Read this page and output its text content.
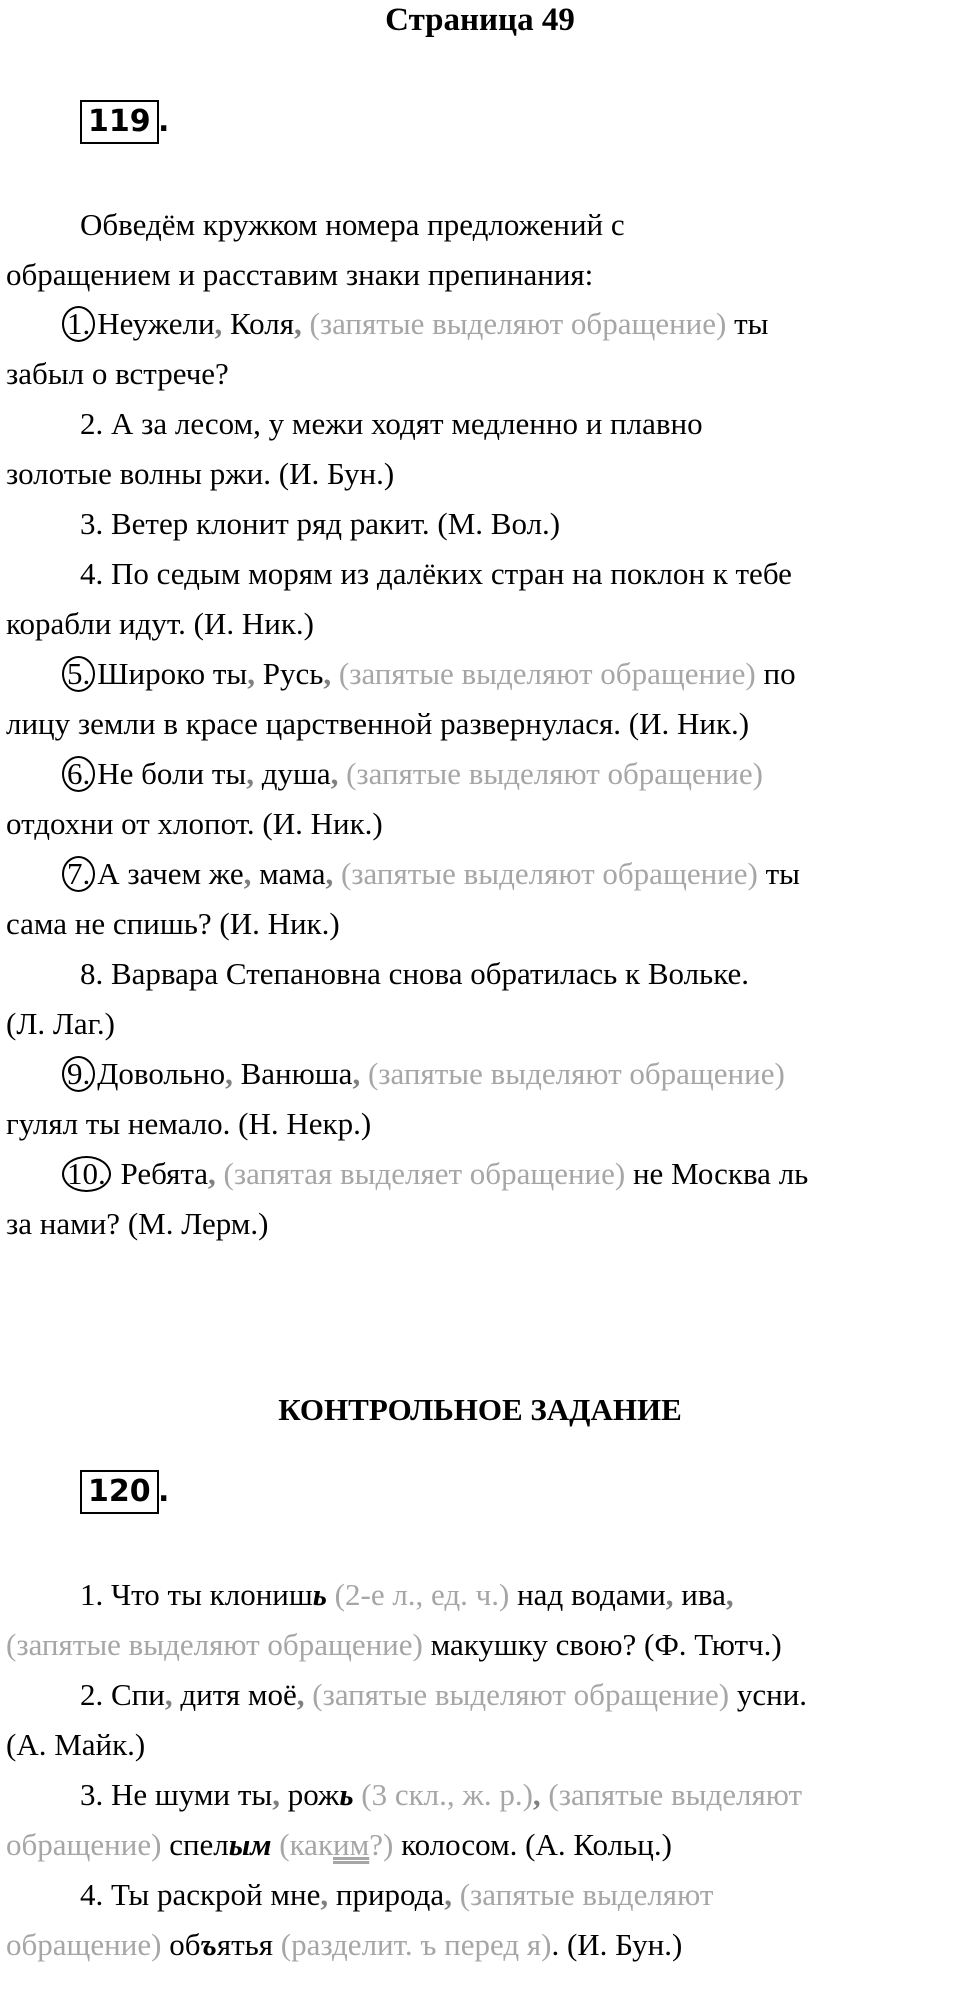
Страница 49
119 .
Обведём кружком номера предложений с
обращением и расставим знаки препинания:
1. Неужели, Коля, (запятые выделяют обращение) ты
забыл о встрече?
2. А за лесом, у межи ходят медленно и плавно
золотые волны ржи. (И. Бун.)
3. Ветер клонит ряд ракит. (М. Вол.)
4. По седым морям из далёких стран на поклон к тебе
корабли идут. (И. Ник.)
5. Широко ты, Русь, (запятые выделяют обращение) по
лицу земли в красе царственной развернулася. (И. Ник.)
6. Не боли ты, душа, (запятые выделяют обращение)
отдохни от хлопот. (И. Ник.)
7. А зачем же, мама, (запятые выделяют обращение) ты
сама не спишь? (И. Ник.)
8. Варвара Степановна снова обратилась к Вольке.
(Л. Лаг.)
9. Довольно, Ванюша, (запятые выделяют обращение)
гулял ты немало. (Н. Некр.)
10. Ребята, (запятая выделяет обращение) не Москва ль
за нами? (М. Лерм.)
КОНТРОЛЬНОЕ ЗАДАНИЕ
120 .
1. Что ты клонишь (2-е л., ед. ч.) над водами, ива,
(запятые выделяют обращение) макушку свою? (Ф. Тютч.)
2. Спи, дитя моё, (запятые выделяют обращение) усни.
(А. Майк.)
3. Не шуми ты, рожь (3 скл., ж. р.), (запятые выделяют
обращение) спелым (каким?) колосом. (А. Кольц.)
4. Ты раскрой мне, природа, (запятые выделяют
обращение) объятья (разделит. ъ перед я). (И. Бун.)
